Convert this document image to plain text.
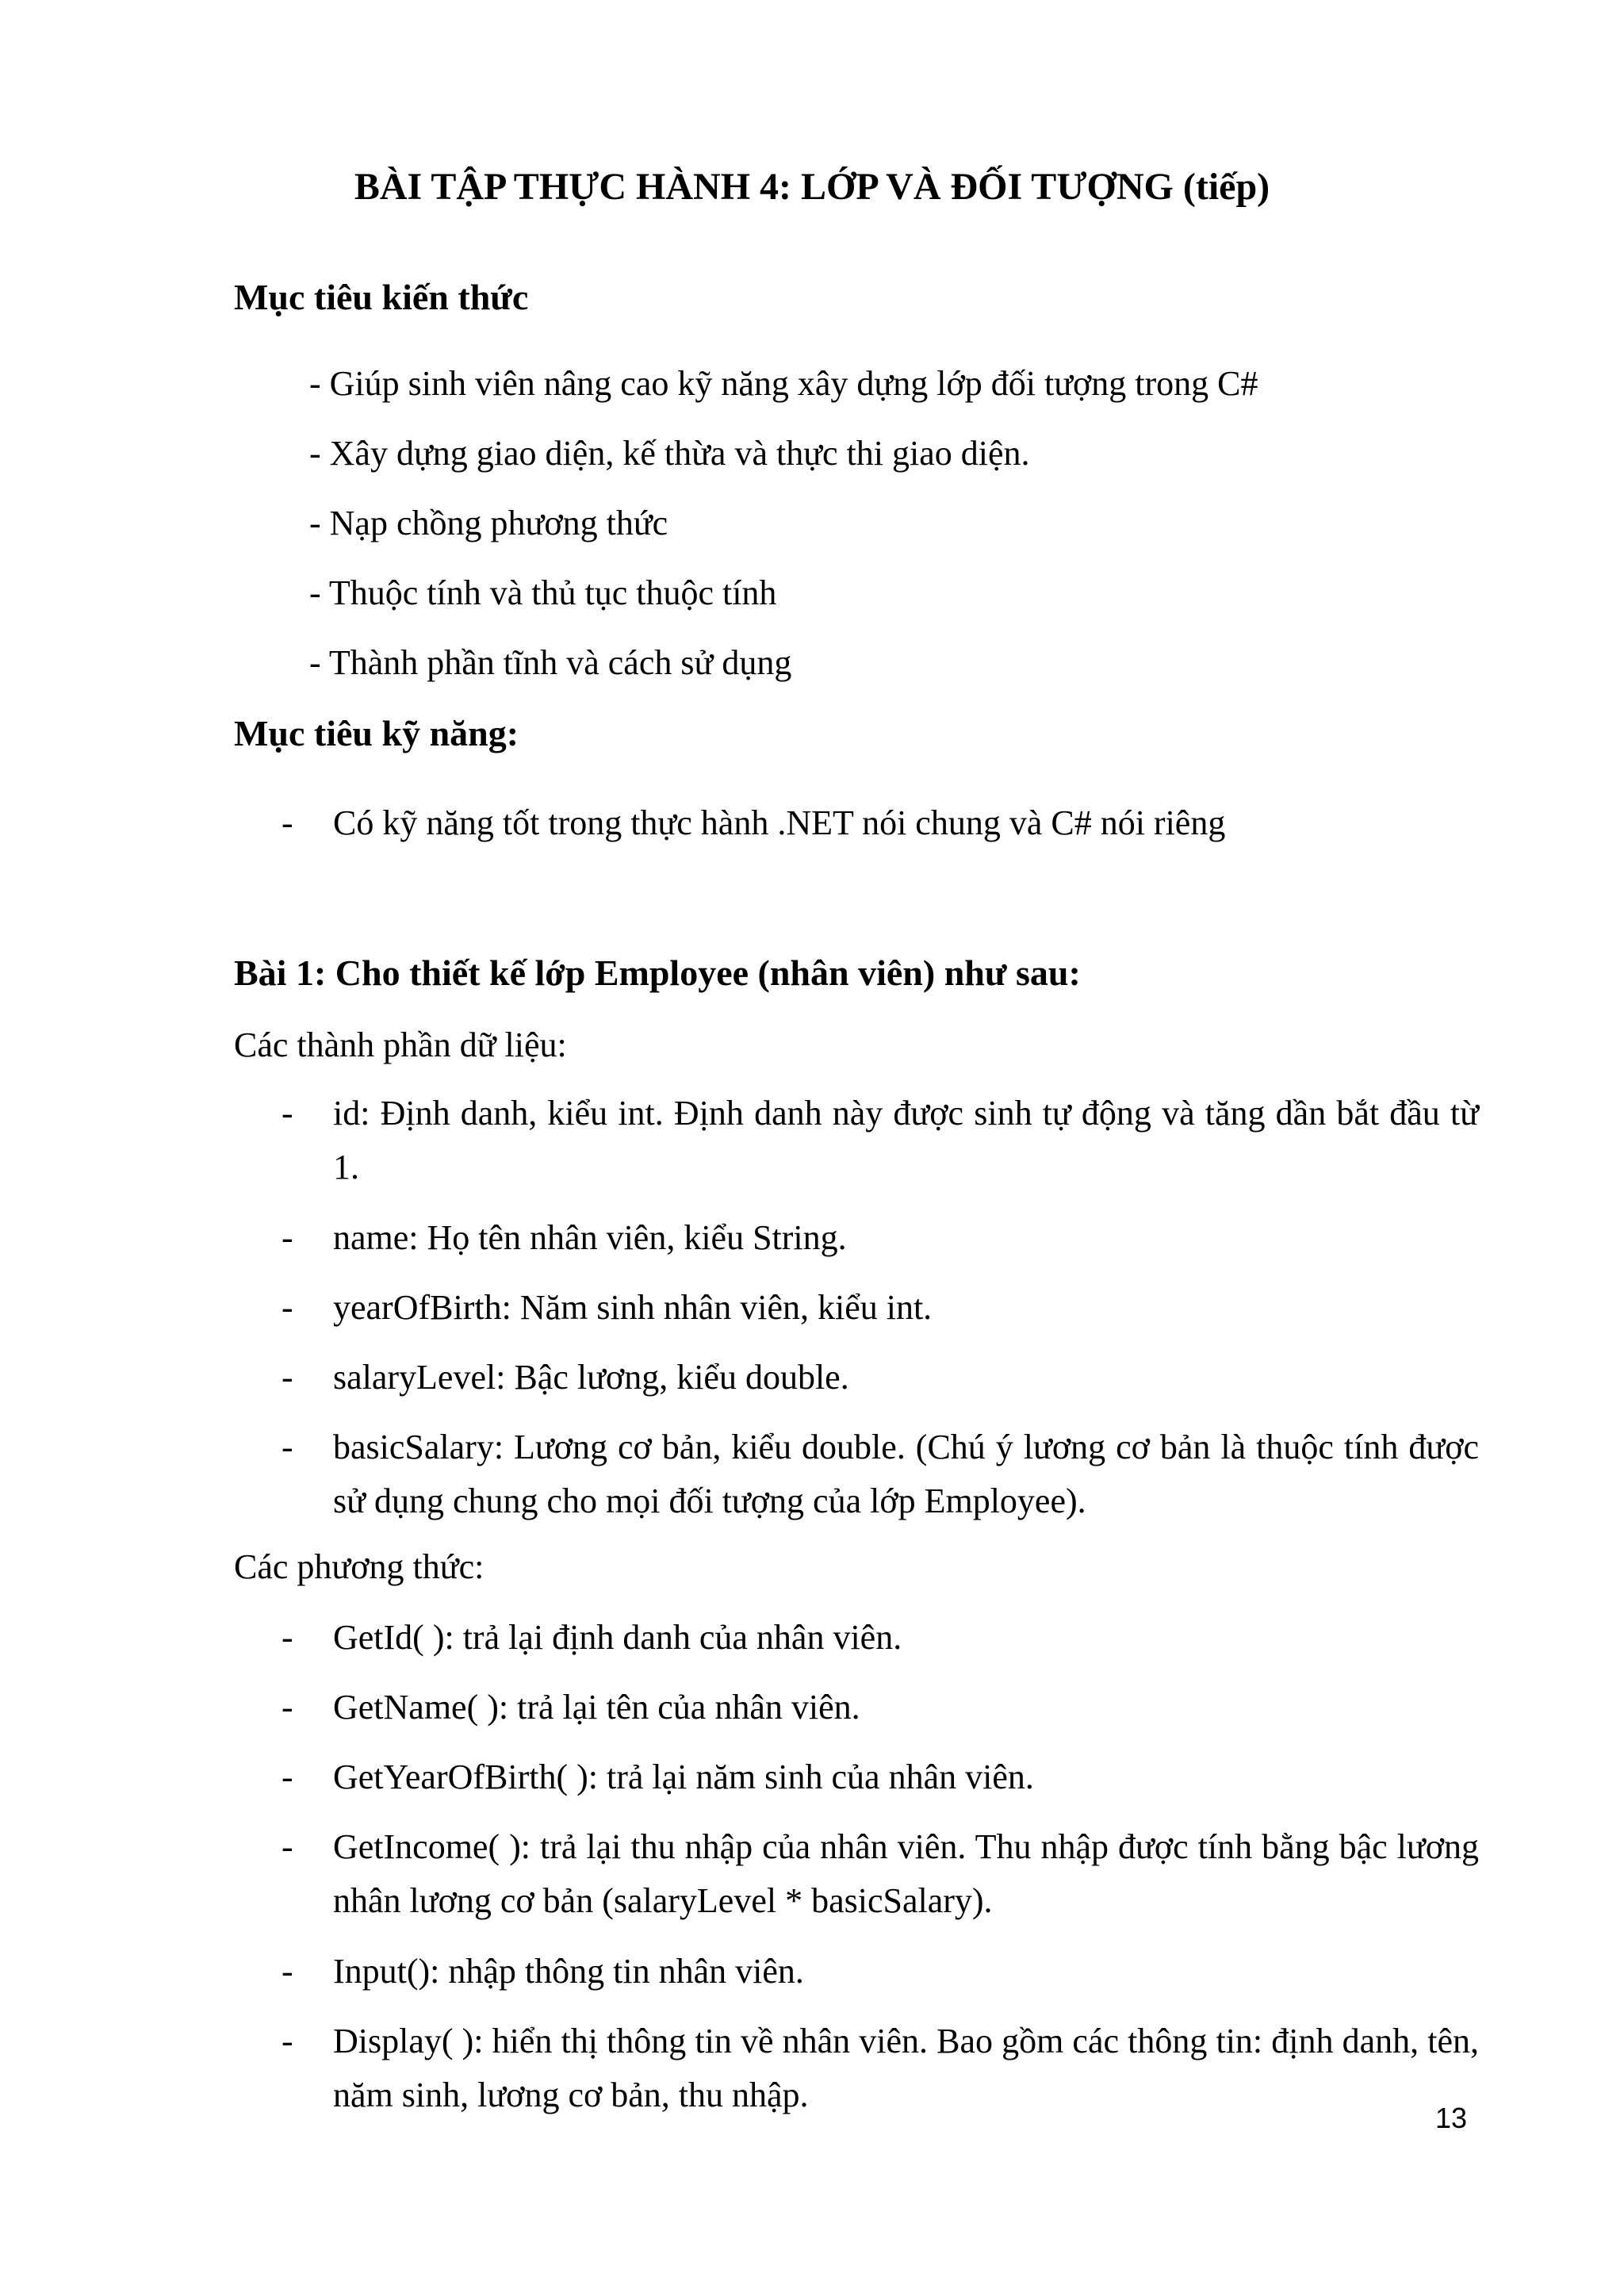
BÀI TẬP THỰC HÀNH 4: LỚP VÀ ĐỐI TƯỢNG (tiếp)
Mục tiêu kiến thức
- Giúp sinh viên nâng cao kỹ năng xây dựng lớp đối tượng trong C#
- Xây dựng giao diện, kế thừa và thực thi giao diện.
- Nạp chồng phương thức
- Thuộc tính và thủ tục thuộc tính
- Thành phần tĩnh và cách sử dụng
Mục tiêu kỹ năng:
- Có kỹ năng tốt trong thực hành .NET nói chung và C# nói riêng
Bài 1: Cho thiết kế lớp Employee (nhân viên) như sau:
Các thành phần dữ liệu:
- id: Định danh, kiểu int. Định danh này được sinh tự động và tăng dần bắt đầu từ 1.
- name: Họ tên nhân viên, kiểu String.
- yearOfBirth: Năm sinh nhân viên, kiểu int.
- salaryLevel: Bậc lương, kiểu double.
- basicSalary: Lương cơ bản, kiểu double. (Chú ý lương cơ bản là thuộc tính được sử dụng chung cho mọi đối tượng của lớp Employee).
Các phương thức:
- GetId( ): trả lại định danh của nhân viên.
- GetName( ): trả lại tên của nhân viên.
- GetYearOfBirth( ): trả lại năm sinh của nhân viên.
- GetIncome( ): trả lại thu nhập của nhân viên. Thu nhập được tính bằng bậc lương nhân lương cơ bản (salaryLevel * basicSalary).
- Input(): nhập thông tin nhân viên.
- Display( ): hiển thị thông tin về nhân viên. Bao gồm các thông tin: định danh, tên, năm sinh, lương cơ bản, thu nhập.
13
